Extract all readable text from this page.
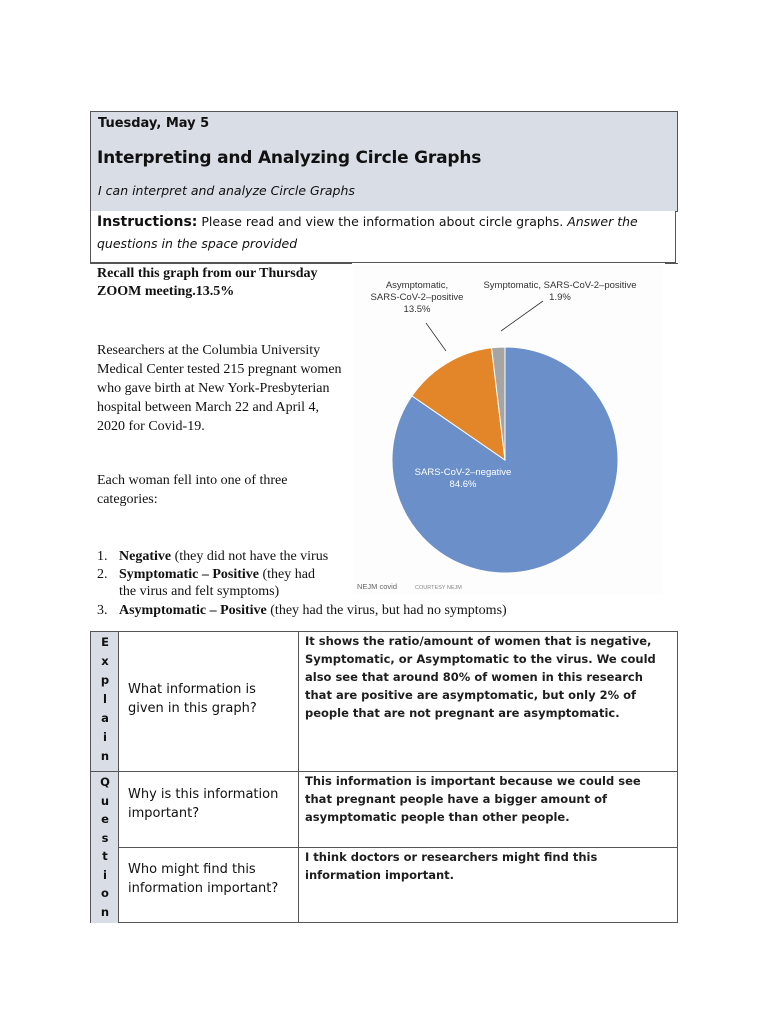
Tuesday, May 5
Interpreting and Analyzing Circle Graphs
I can interpret and analyze Circle Graphs
Instructions: Please read and view the information about circle graphs. Answer the questions in the space provided
Recall this graph from our Thursday ZOOM meeting.13.5%
Researchers at the Columbia University Medical Center tested 215 pregnant women who gave birth at New York-Presbyterian hospital between March 22 and April 4, 2020 for Covid-19.
Each woman fell into one of three categories:
1. Negative (they did not have the virus
2. Symptomatic – Positive (they had
the virus and felt symptoms)
3. Asymptomatic – Positive (they had the virus, but had no symptoms)
Asymptomatic,
SARS-CoV-2–positive
13.5%
Symptomatic, SARS-CoV-2–positive
1.9%
SARS-CoV-2–negative
84.6%
NEJM covid	COURTESY NEJM
E
x
p
l
a
i
n
Q
u
e
s
t
i
o
n
What information is given in this graph?
It shows the ratio/amount of women that is negative, Symptomatic, or Asymptomatic to the virus. We could also see that around 80% of women in this research that are positive are asymptomatic, but only 2% of people that are not pregnant are asymptomatic.
Why is this information important?
This information is important because we could see that pregnant people have a bigger amount of asymptomatic people than other people.
Who might find this information important?
I think doctors or researchers might find this information important.
